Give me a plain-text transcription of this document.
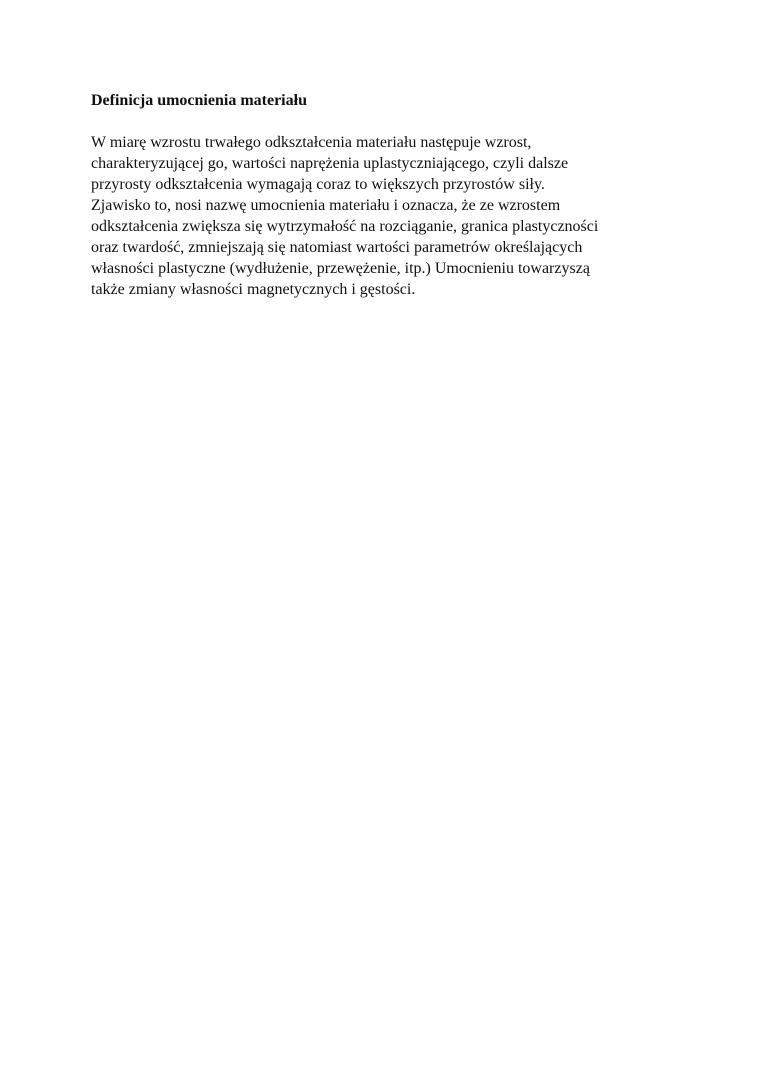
Definicja umocnienia materiału

W miarę wzrostu trwałego odkształcenia materiału następuje wzrost,
charakteryzującej go, wartości naprężenia uplastyczniającego, czyli dalsze
przyrosty odkształcenia wymagają coraz to większych przyrostów siły.
Zjawisko to, nosi nazwę umocnienia materiału i oznacza, że ze wzrostem
odkształcenia zwiększa się wytrzymałość na rozciąganie, granica plastyczności
oraz twardość, zmniejszają się natomiast wartości parametrów określających
własności plastyczne (wydłużenie, przewężenie, itp.) Umocnieniu towarzyszą
także zmiany własności magnetycznych i gęstości.
